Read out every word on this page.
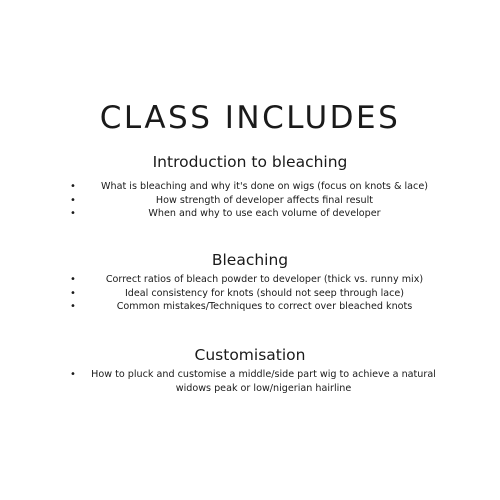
CLASS INCLUDES
Introduction to bleaching
•	What is bleaching and why it's done on wigs (focus on knots & lace)
•	How strength of developer affects final result
•	When and why to use each volume of developer
Bleaching
•	Correct ratios of bleach powder to developer (thick vs. runny mix)
•	Ideal consistency for knots (should not seep through lace)
•	Common mistakes/Techniques to correct over bleached knots
Customisation
•	How to pluck and customise a middle/side part wig to achieve a natural widows peak or low/nigerian hairline
